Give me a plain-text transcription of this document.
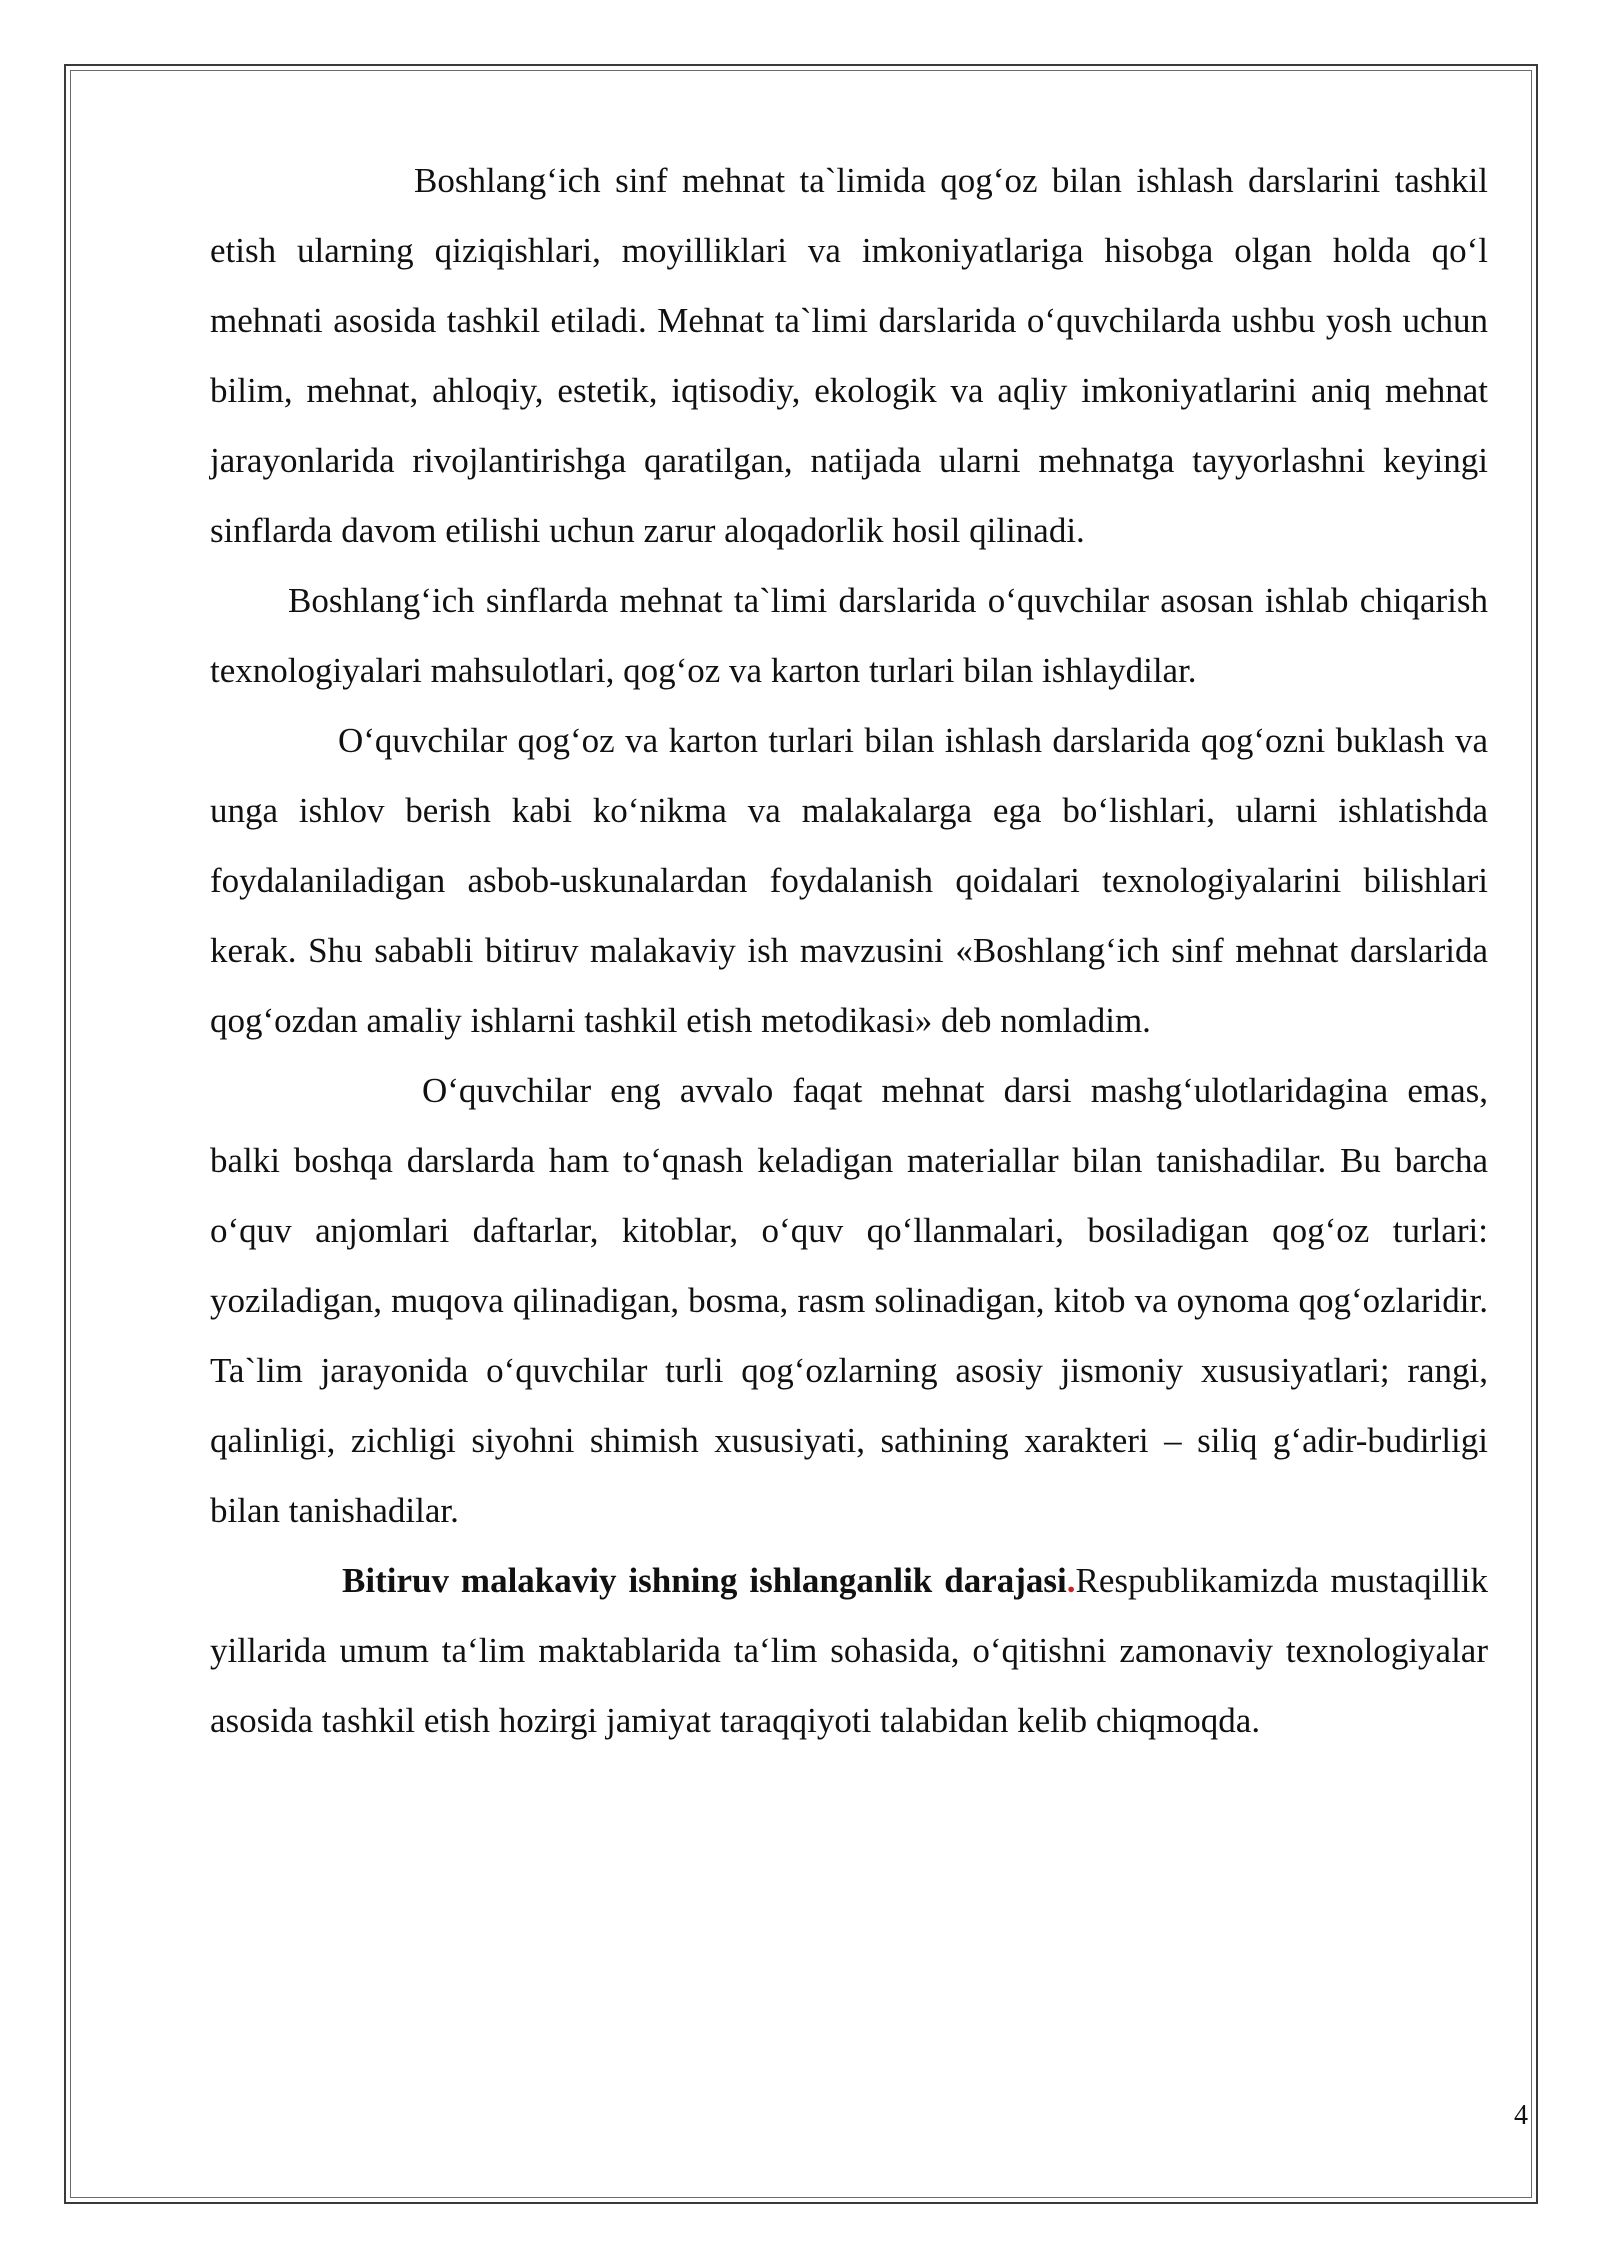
Boshlang‘ich sinf mehnat ta`limida qog‘oz bilan ishlash darslarini tashkil etish ularning qiziqishlari, moyilliklari va imkoniyatlariga hisobga olgan holda qo‘l mehnati asosida tashkil etiladi. Mehnat ta`limi darslarida o‘quvchilarda ushbu yosh uchun bilim, mehnat, ahloqiy, estetik, iqtisodiy, ekologik va aqliy imkoniyatlarini aniq mehnat jarayonlarida rivojlantirishga qaratilgan, natijada ularni mehnatga tayyorlashni keyingi sinflarda davom etilishi uchun zarur aloqadorlik hosil qilinadi.

Boshlang‘ich sinflarda mehnat ta`limi darslarida o‘quvchilar asosan ishlab chiqarish texnologiyalari mahsulotlari, qog‘oz va karton turlari bilan ishlaydilar.

O‘quvchilar qog‘oz va karton turlari bilan ishlash darslarida qog‘ozni buklash va unga ishlov berish kabi ko‘nikma va malakalarga ega bo‘lishlari, ularni ishlatishda foydalaniladigan asbob-uskunalardan foydalanish qoidalari texnologiyalarini bilishlari kerak. Shu sababli bitiruv malakaviy ish mavzusini «Boshlang‘ich sinf mehnat darslarida qog‘ozdan amaliy ishlarni tashkil etish metodikasi» deb nomladim.

O‘quvchilar eng avvalo faqat mehnat darsi mashg‘ulotlaridagina emas, balki boshqa darslarda ham to‘qnash keladigan materiallar bilan tanishadilar. Bu barcha o‘quv anjomlari daftarlar, kitoblar, o‘quv qo‘llanmalari, bosiladigan qog‘oz turlari: yoziladigan, muqova qilinadigan, bosma, rasm solinadigan, kitob va oynoma qog‘ozlaridir. Ta`lim jarayonida o‘quvchilar turli qog‘ozlarning asosiy jismoniy xususiyatlari; rangi, qalinligi, zichligi siyohni shimish xususiyati, sathining xarakteri – siliq g‘adir-budirligi bilan tanishadilar.

Bitiruv malakaviy ishning ishlanganlik darajasi.Respublikamizda mustaqillik yillarida umum ta‘lim maktablarida ta‘lim sohasida, o‘qitishni zamonaviy texnologiyalar asosida tashkil etish hozirgi jamiyat taraqqiyoti talabidan kelib chiqmoqda.

4
